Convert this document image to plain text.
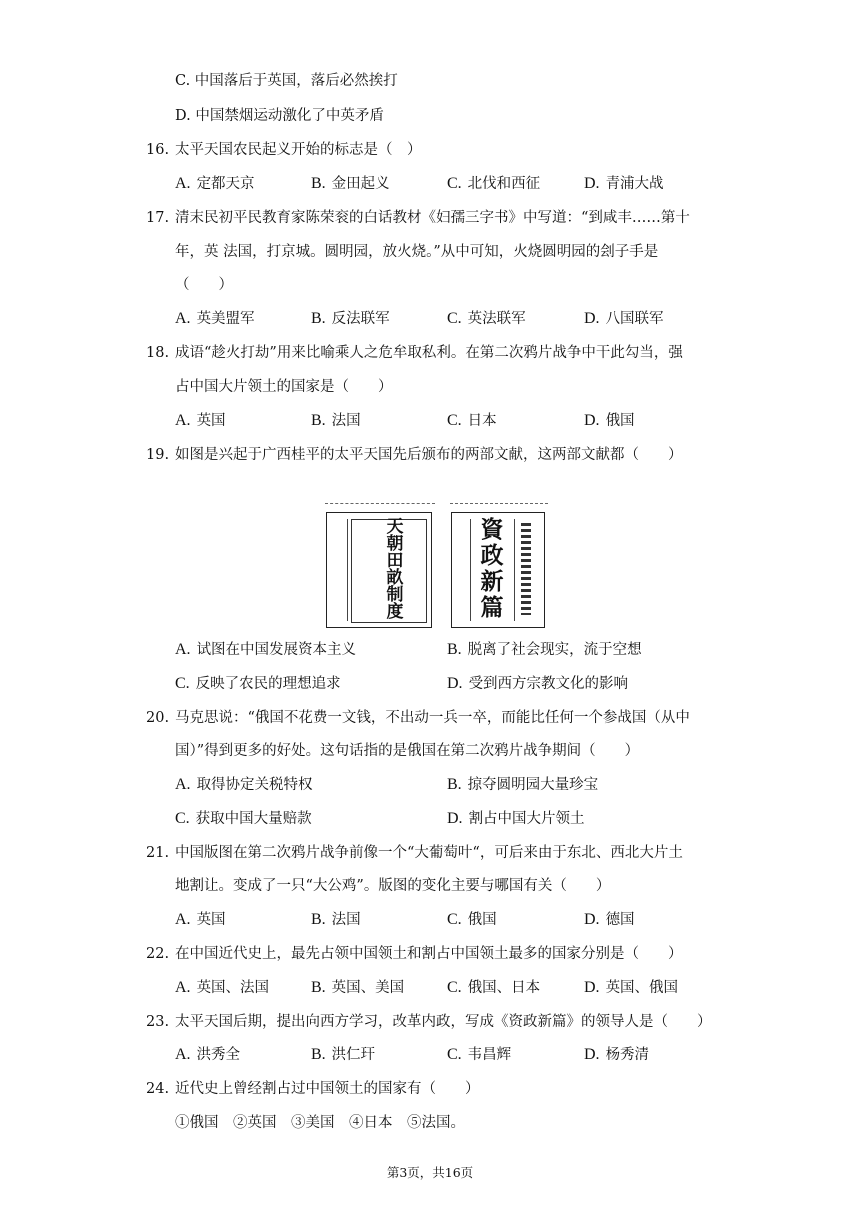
C. 中国落后于英国，落后必然挨打
D. 中国禁烟运动激化了中英矛盾
16. 太平天国农民起义开始的标志是（　）
A. 定都天京	B. 金田起义	C. 北伐和西征	D. 青浦大战
17. 清末民初平民教育家陈荣衮的白话教材《妇孺三字书》中写道：“到咸丰……第十
年，英 法国，打京城。圆明园，放火烧。”从中可知，火烧圆明园的刽子手是
（　　）
A. 英美盟军	B. 反法联军	C. 英法联军	D. 八国联军
18. 成语“趁火打劫”用来比喻乘人之危牟取私利。在第二次鸦片战争中干此勾当，强
占中国大片领土的国家是（　　）
A. 英国	B. 法国	C. 日本	D. 俄国
19. 如图是兴起于广西桂平的太平天国先后颁布的两部文献，这两部文献都（　　）
天
朝
田
畝
制
度
資
政
新
篇
A. 试图在中国发展资本主义	B. 脱离了社会现实，流于空想
C. 反映了农民的理想追求	D. 受到西方宗教文化的影响
20. 马克思说：“俄国不花费一文钱，不出动一兵一卒，而能比任何一个参战国（从中
国）”得到更多的好处。这句话指的是俄国在第二次鸦片战争期间（　　）
A. 取得协定关税特权	B. 掠夺圆明园大量珍宝
C. 获取中国大量赔款	D. 割占中国大片领土
21. 中国版图在第二次鸦片战争前像一个“大葡萄叶“，可后来由于东北、西北大片土
地割让。变成了一只“大公鸡”。版图的变化主要与哪国有关（　　）
A. 英国	B. 法国	C. 俄国	D. 德国
22. 在中国近代史上，最先占领中国领土和割占中国领土最多的国家分别是（　　）
A. 英国、法国	B. 英国、美国	C. 俄国、日本	D. 英国、俄国
23. 太平天国后期，提出向西方学习，改革内政，写成《资政新篇》的领导人是（　　）
A. 洪秀全	B. 洪仁玕	C. 韦昌辉	D. 杨秀清
24. 近代史上曾经割占过中国领土的国家有（　　）
①俄国　②英国　③美国　④日本　⑤法国。
第3页，共16页
